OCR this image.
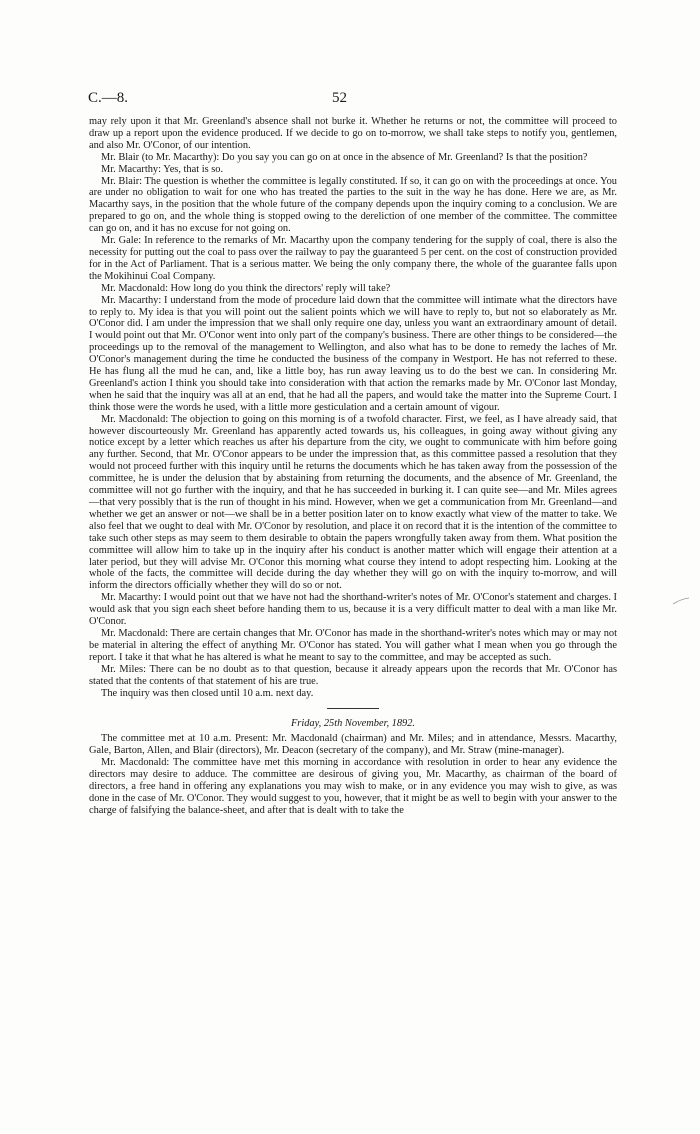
C.—8.	52

may rely upon it that Mr. Greenland's absence shall not burke it. Whether he returns or not, the committee will proceed to draw up a report upon the evidence produced. If we decide to go on to-morrow, we shall take steps to notify you, gentlemen, and also Mr. O'Conor, of our intention.

Mr. Blair (to Mr. Macarthy): Do you say you can go on at once in the absence of Mr. Greenland? Is that the position?

Mr. Macarthy: Yes, that is so.

Mr. Blair: The question is whether the committee is legally constituted. If so, it can go on with the proceedings at once. You are under no obligation to wait for one who has treated the parties to the suit in the way he has done. Here we are, as Mr. Macarthy says, in the position that the whole future of the company depends upon the inquiry coming to a conclusion. We are prepared to go on, and the whole thing is stopped owing to the dereliction of one member of the committee. The committee can go on, and it has no excuse for not going on.

Mr. Gale: In reference to the remarks of Mr. Macarthy upon the company tendering for the supply of coal, there is also the necessity for putting out the coal to pass over the railway to pay the guaranteed 5 per cent. on the cost of construction provided for in the Act of Parliament. That is a serious matter. We being the only company there, the whole of the guarantee falls upon the Mokihinui Coal Company.

Mr. Macdonald: How long do you think the directors' reply will take?

Mr. Macarthy: I understand from the mode of procedure laid down that the committee will intimate what the directors have to reply to. My idea is that you will point out the salient points which we will have to reply to, but not so elaborately as Mr. O'Conor did. I am under the impression that we shall only require one day, unless you want an extraordinary amount of detail. I would point out that Mr. O'Conor went into only part of the company's business. There are other things to be considered—the proceedings up to the removal of the management to Wellington, and also what has to be done to remedy the laches of Mr. O'Conor's management during the time he conducted the business of the company in Westport. He has not referred to these. He has flung all the mud he can, and, like a little boy, has run away leaving us to do the best we can. In considering Mr. Greenland's action I think you should take into consideration with that action the remarks made by Mr. O'Conor last Monday, when he said that the inquiry was all at an end, that he had all the papers, and would take the matter into the Supreme Court. I think those were the words he used, with a little more gesticulation and a certain amount of vigour.

Mr. Macdonald: The objection to going on this morning is of a twofold character. First, we feel, as I have already said, that however discourteously Mr. Greenland has apparently acted towards us, his colleagues, in going away without giving any notice except by a letter which reaches us after his departure from the city, we ought to communicate with him before going any further. Second, that Mr. O'Conor appears to be under the impression that, as this committee passed a resolution that they would not proceed further with this inquiry until he returns the documents which he has taken away from the possession of the committee, he is under the delusion that by abstaining from returning the documents, and the absence of Mr. Greenland, the committee will not go further with the inquiry, and that he has succeeded in burking it. I can quite see—and Mr. Miles agrees—that very possibly that is the run of thought in his mind. However, when we get a communication from Mr. Greenland—and whether we get an answer or not—we shall be in a better position later on to know exactly what view of the matter to take. We also feel that we ought to deal with Mr. O'Conor by resolution, and place it on record that it is the intention of the committee to take such other steps as may seem to them desirable to obtain the papers wrongfully taken away from them. What position the committee will allow him to take up in the inquiry after his conduct is another matter which will engage their attention at a later period, but they will advise Mr. O'Conor this morning what course they intend to adopt respecting him. Looking at the whole of the facts, the committee will decide during the day whether they will go on with the inquiry to-morrow, and will inform the directors officially whether they will do so or not.

Mr. Macarthy: I would point out that we have not had the shorthand-writer's notes of Mr. O'Conor's statement and charges. I would ask that you sign each sheet before handing them to us, because it is a very difficult matter to deal with a man like Mr. O'Conor.

Mr. Macdonald: There are certain changes that Mr. O'Conor has made in the shorthand-writer's notes which may or may not be material in altering the effect of anything Mr. O'Conor has stated. You will gather what I mean when you go through the report. I take it that what he has altered is what he meant to say to the committee, and may be accepted as such.

Mr. Miles: There can be no doubt as to that question, because it already appears upon the records that Mr. O'Conor has stated that the contents of that statement of his are true.

The inquiry was then closed until 10 a.m. next day.

Friday, 25th November, 1892.

The committee met at 10 a.m. Present: Mr. Macdonald (chairman) and Mr. Miles; and in attendance, Messrs. Macarthy, Gale, Barton, Allen, and Blair (directors), Mr. Deacon (secretary of the company), and Mr. Straw (mine-manager).

Mr. Macdonald: The committee have met this morning in accordance with resolution in order to hear any evidence the directors may desire to adduce. The committee are desirous of giving you, Mr. Macarthy, as chairman of the board of directors, a free hand in offering any explanations you may wish to make, or in any evidence you may wish to give, as was done in the case of Mr. O'Conor. They would suggest to you, however, that it might be as well to begin with your answer to the charge of falsifying the balance-sheet, and after that is dealt with to take the
